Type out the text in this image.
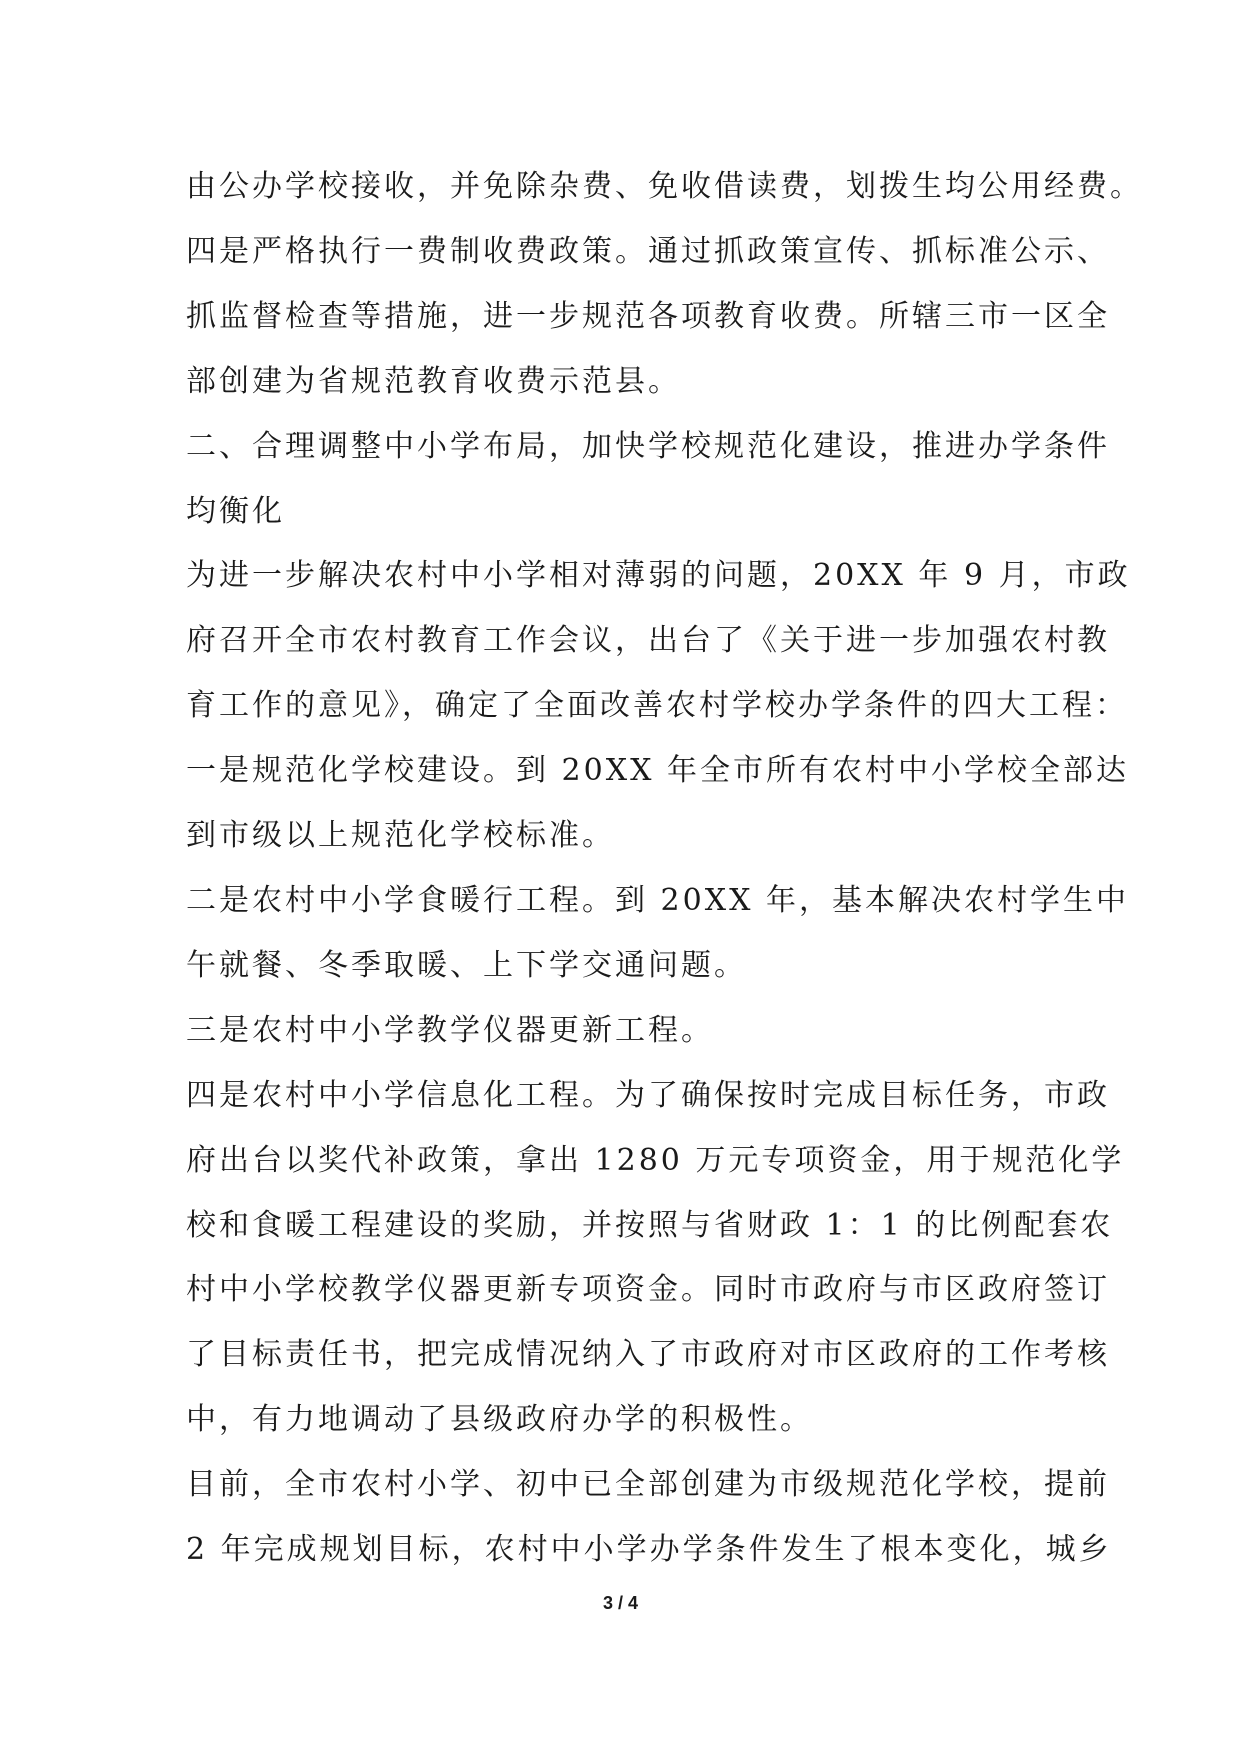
由公办学校接收，并免除杂费、免收借读费，划拨生均公用经费。
四是严格执行一费制收费政策。通过抓政策宣传、抓标准公示、
抓监督检查等措施，进一步规范各项教育收费。所辖三市一区全
部创建为省规范教育收费示范县。
二、合理调整中小学布局，加快学校规范化建设，推进办学条件
均衡化
为进一步解决农村中小学相对薄弱的问题，20XX 年 9 月，市政
府召开全市农村教育工作会议，出台了《关于进一步加强农村教
育工作的意见》，确定了全面改善农村学校办学条件的四大工程：
一是规范化学校建设。到 20XX 年全市所有农村中小学校全部达
到市级以上规范化学校标准。
二是农村中小学食暖行工程。到 20XX 年，基本解决农村学生中
午就餐、冬季取暖、上下学交通问题。
三是农村中小学教学仪器更新工程。
四是农村中小学信息化工程。为了确保按时完成目标任务，市政
府出台以奖代补政策，拿出 1280 万元专项资金，用于规范化学
校和食暖工程建设的奖励，并按照与省财政 1：1 的比例配套农
村中小学校教学仪器更新专项资金。同时市政府与市区政府签订
了目标责任书，把完成情况纳入了市政府对市区政府的工作考核
中，有力地调动了县级政府办学的积极性。
目前，全市农村小学、初中已全部创建为市级规范化学校，提前
2 年完成规划目标，农村中小学办学条件发生了根本变化，城乡
3 / 4
